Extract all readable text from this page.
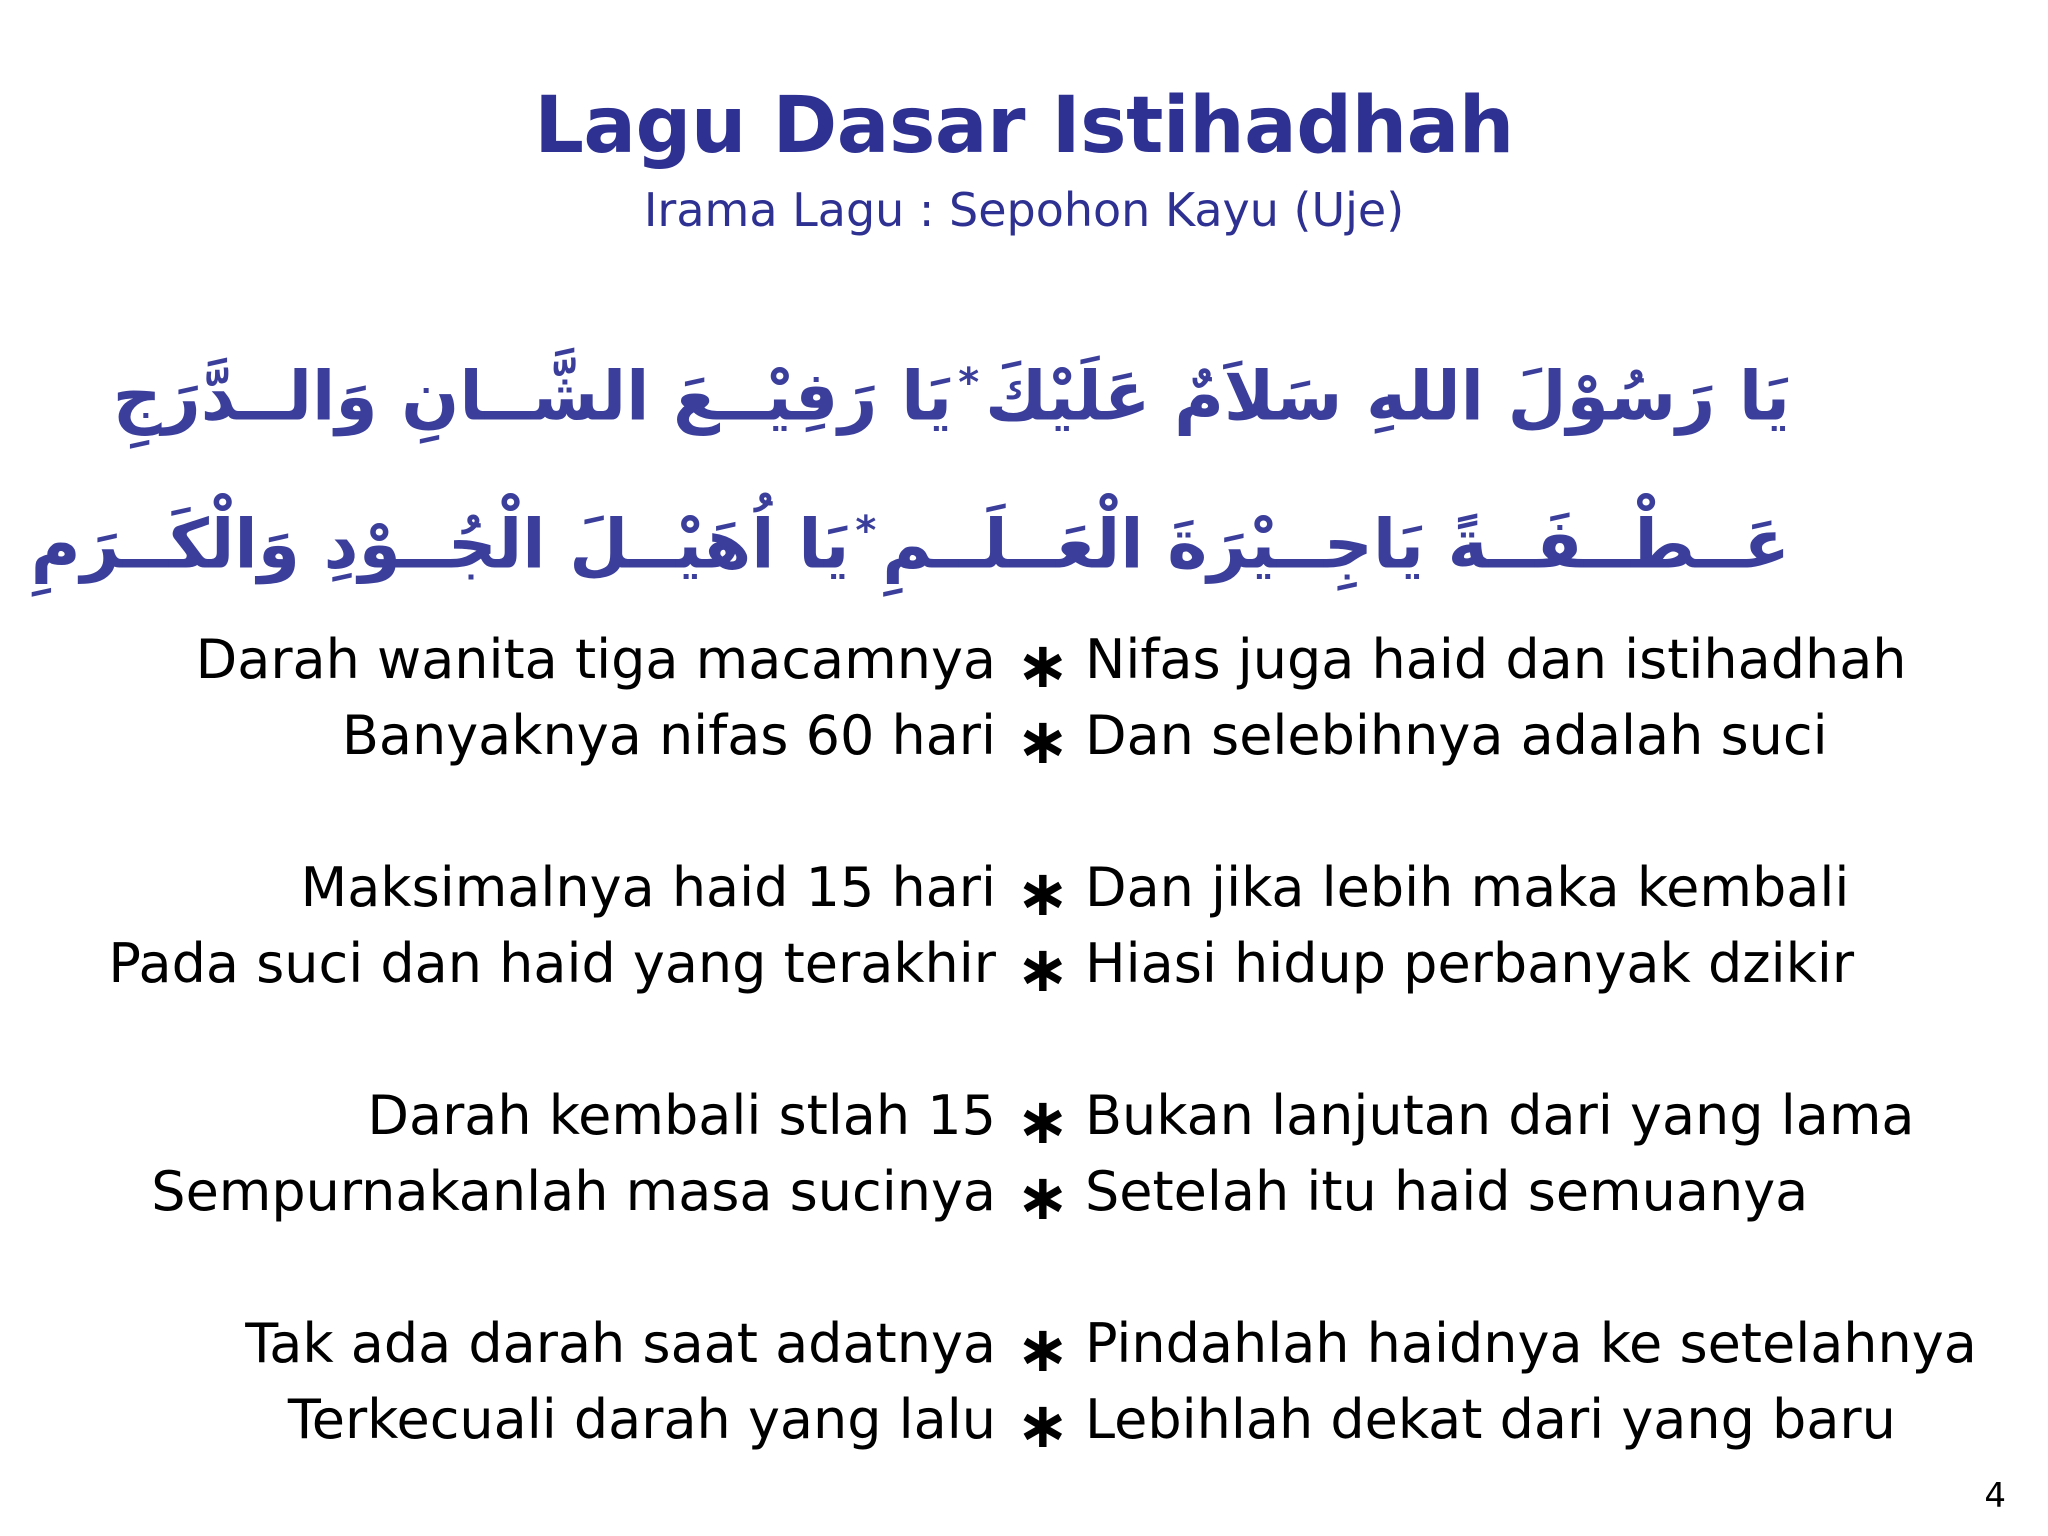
Lagu Dasar Istihadhah
Irama Lagu : Sepohon Kayu (Uje)
يَا رَسُوْلَ اللهِ سَلاَمٌ عَلَيْكَ*يَا رَفِيْــعَ الشَّــانِ وَالــدَّرَجِ
عَــطْــفَــةً يَاجِــيْرَةَ الْعَــلَــمِ*يَا اُهَيْــلَ الْجُــوْدِ وَالْكَــرَمِ
Darah wanita tiga macamnya ∗ Nifas juga haid dan istihadhah
Banyaknya nifas 60 hari ∗ Dan selebihnya adalah suci
Maksimalnya haid 15 hari ∗ Dan jika lebih maka kembali
Pada suci dan haid yang terakhir ∗ Hiasi hidup perbanyak dzikir
Darah kembali stlah 15 ∗ Bukan lanjutan dari yang lama
Sempurnakanlah masa sucinya ∗ Setelah itu haid semuanya
Tak ada darah saat adatnya ∗ Pindahlah haidnya ke setelahnya
Terkecuali darah yang lalu ∗ Lebihlah dekat dari yang baru
4
